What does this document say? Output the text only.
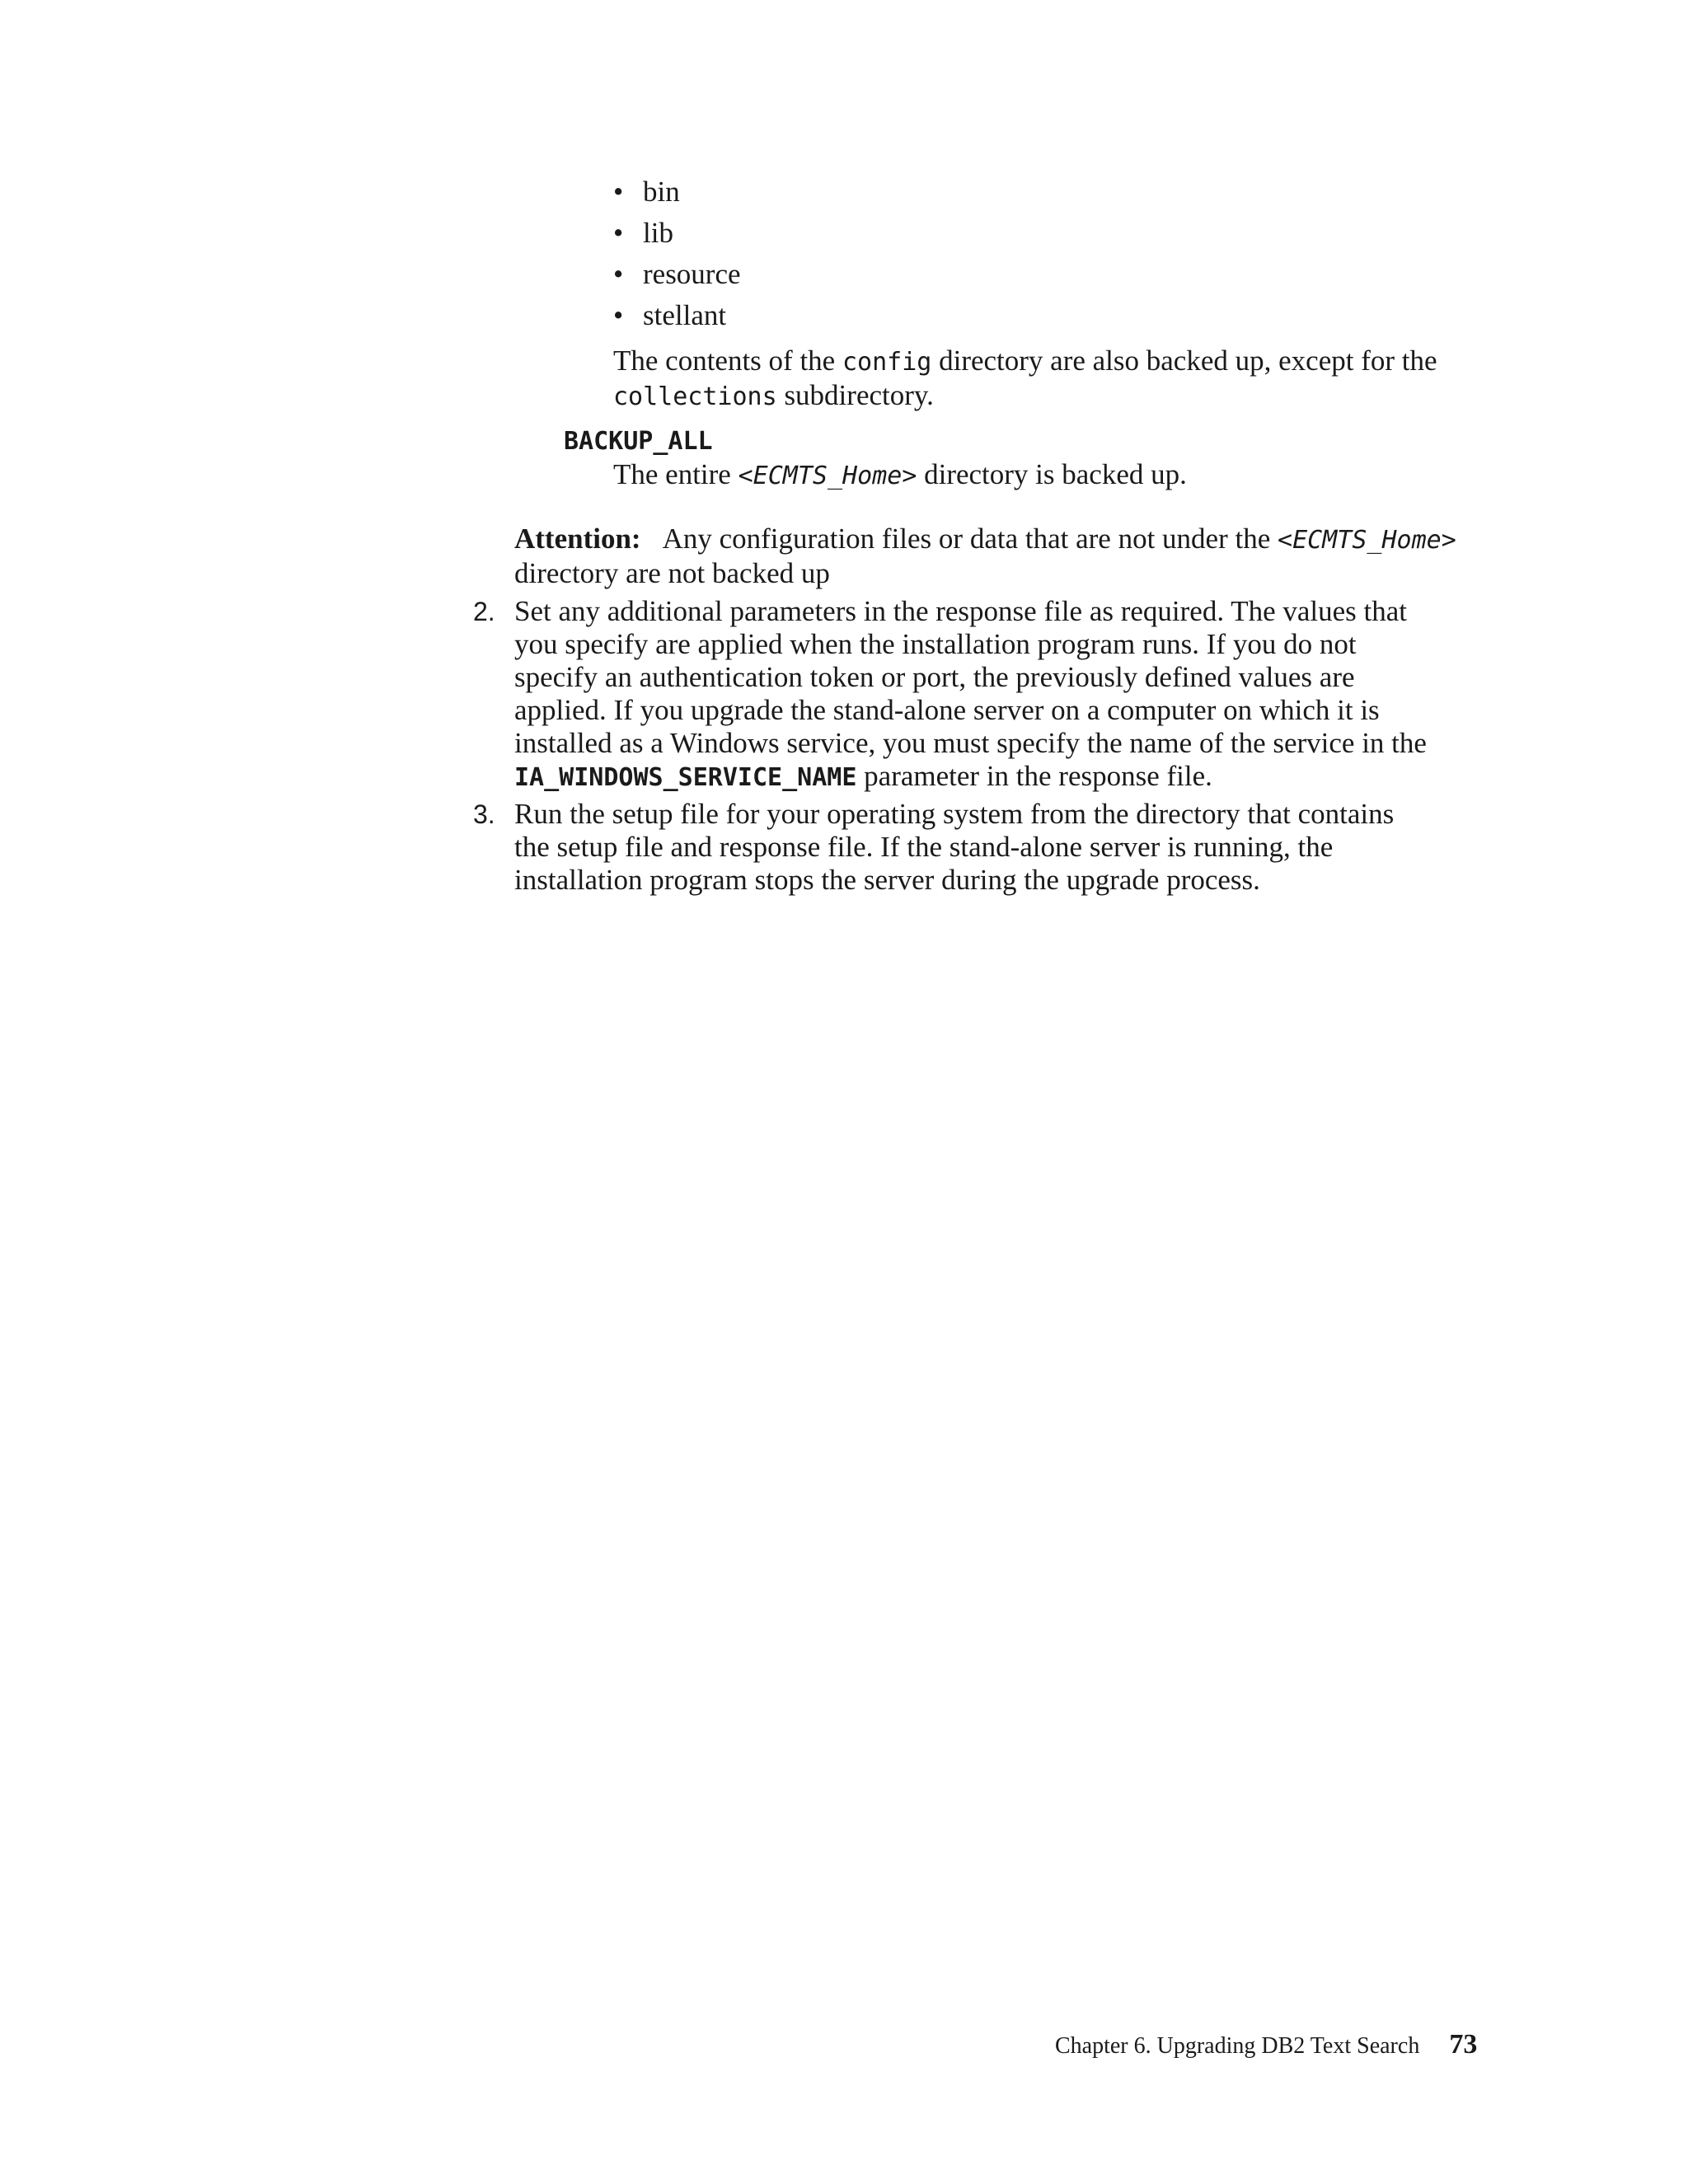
• bin
• lib
• resource
• stellant
The contents of the config directory are also backed up, except for the
collections subdirectory.
BACKUP_ALL
The entire <ECMTS_Home> directory is backed up.
Attention: Any configuration files or data that are not under the <ECMTS_Home>
directory are not backed up
2. Set any additional parameters in the response file as required. The values that
you specify are applied when the installation program runs. If you do not
specify an authentication token or port, the previously defined values are
applied. If you upgrade the stand-alone server on a computer on which it is
installed as a Windows service, you must specify the name of the service in the
IA_WINDOWS_SERVICE_NAME parameter in the response file.
3. Run the setup file for your operating system from the directory that contains
the setup file and response file. If the stand-alone server is running, the
installation program stops the server during the upgrade process.
Chapter 6. Upgrading DB2 Text Search 73
